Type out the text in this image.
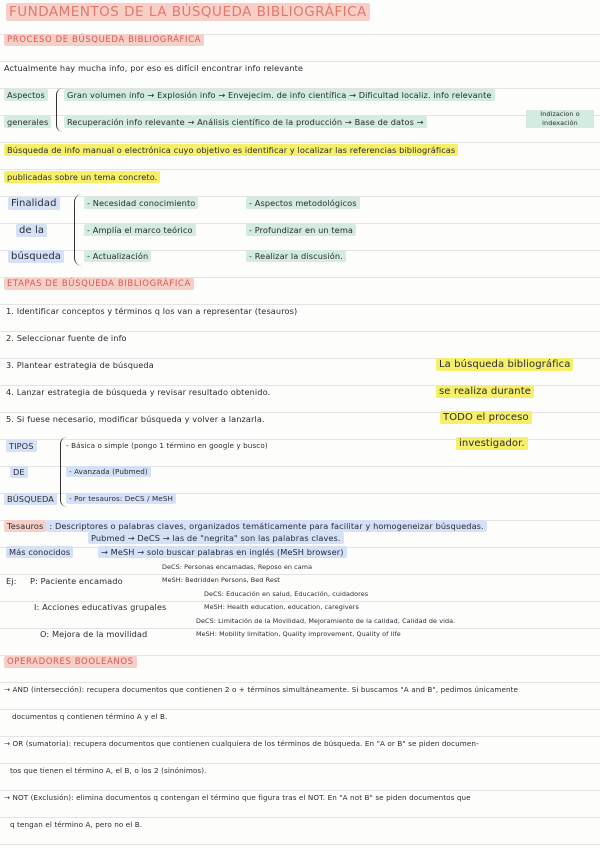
FUNDAMENTOS DE LA BÚSQUEDA BIBLIOGRÁFICA
PROCESO DE BÚSQUEDA BIBLIOGRÁFICA
Actualmente hay mucha info, por eso es difícil encontrar info relevante
Aspectos
generales
Gran volumen info → Explosión info → Envejecim. de info científica → Dificultad localiz. info relevante
Recuperación info relevante → Análisis científico de la producción → Base de datos →
Indizacion o indexación
Búsqueda de info manual o electrónica cuyo objetivo es identificar y localizar las referencias bibliográficas
publicadas sobre un tema concreto.
Finalidad
de la
búsqueda
- Necesidad conocimiento
- Amplía el marco teórico
- Actualización
- Aspectos metodológicos
- Profundizar en un tema
- Realizar la discusión.
ETAPAS DE BÚSQUEDA BIBLIOGRÁFICA
1. Identificar conceptos y términos q los van a representar (tesauros)
2. Seleccionar fuente de info
3. Plantear estrategia de búsqueda
4. Lanzar estrategia de búsqueda y revisar resultado obtenido.
5. Si fuese necesario, modificar búsqueda y volver a lanzarla.
La búsqueda bibliográfica
se realiza durante
TODO el proceso
investigador.
TIPOS
DE
BÚSQUEDA
- Básica o simple (pongo 1 término en google y busco)
- Avanzada (Pubmed)
- Por tesauros: DeCS / MeSH
Tesauros : Descriptores o palabras claves, organizados temáticamente para facilitar y homogeneizar búsquedas.
Más conocidos
Pubmed → DeCS → las de "negrita" son las palabras claves.
→ MeSH → solo buscar palabras en inglés (MeSH browser)
Ej: P: Paciente encamado
DeCS: Personas encamadas, Reposo en cama
MeSH: Bedridden Persons, Bed Rest
I: Acciones educativas grupales
DeCS: Educación en salud, Educación, cuidadores
MeSH: Health education, education, caregivers
O: Mejora de la movilidad
DeCS: Limitación de la Movilidad, Mejoramiento de la calidad, Calidad de vida.
MeSH: Mobility limitation, Quality improvement, Quality of life
OPERADORES BOOLEANOS
→ AND (intersección): recupera documentos que contienen 2 o + términos simultáneamente. Si buscamos "A and B", pedimos únicamente
documentos q contienen término A y el B.
→ OR (sumatoria): recupera documentos que contienen cualquiera de los términos de búsqueda. En "A or B" se piden documen-
tos que tienen el término A, el B, o los 2 (sinónimos).
→ NOT (Exclusión): elimina documentos q contengan el término que figura tras el NOT. En "A not B" se piden documentos que
q tengan el término A, pero no el B.
